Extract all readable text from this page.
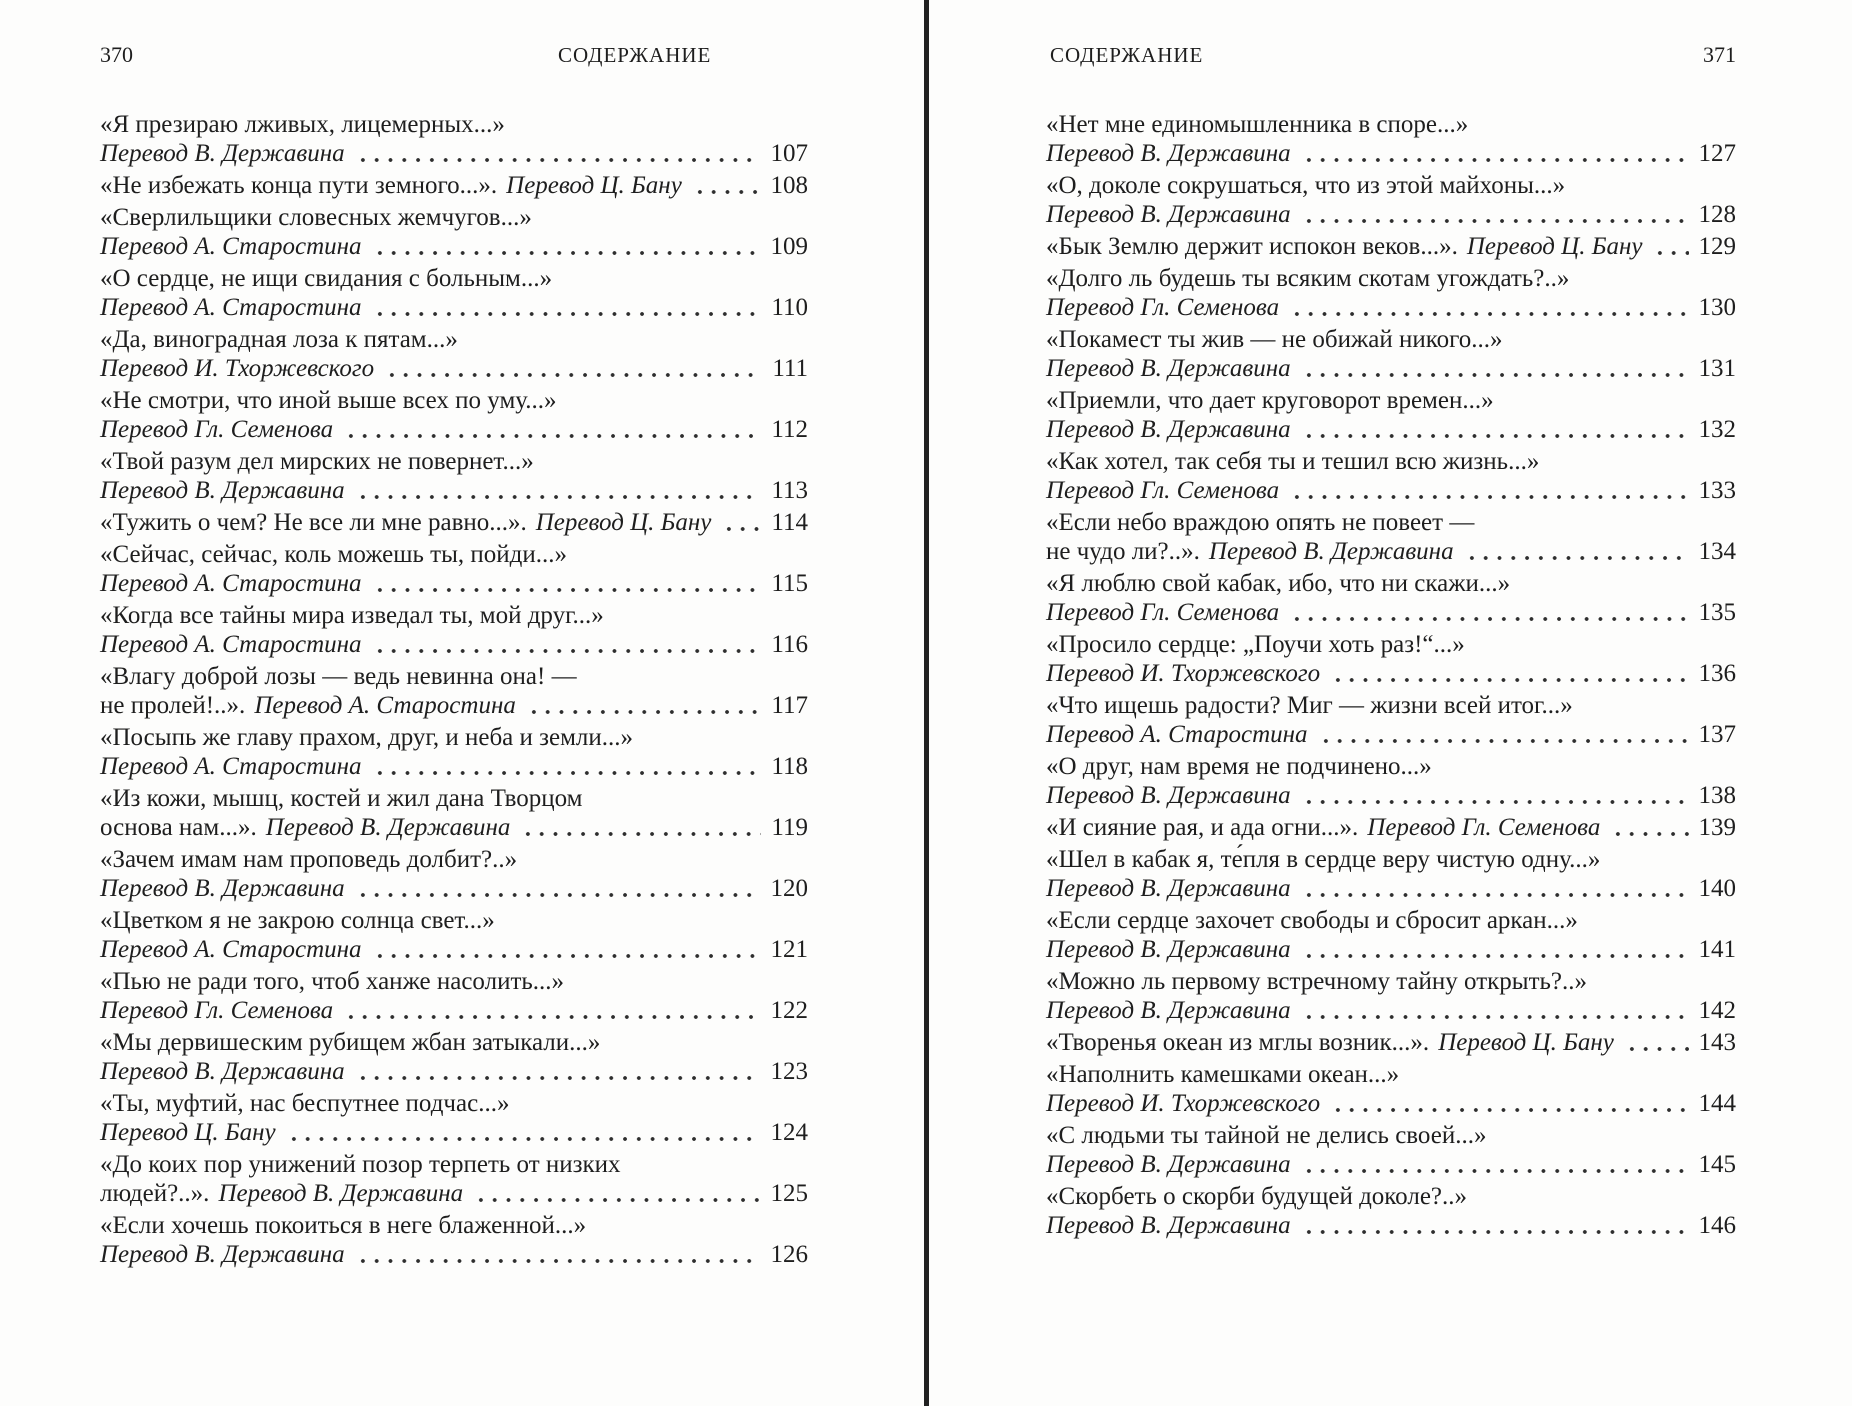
370	СОДЕРЖАНИЕ
«Я презираю лживых, лицемерных...»
Перевод В. Державина	107
«Не избежать конца пути земного...». Перевод Ц. Бану	108
«Сверлильщики словесных жемчугов...»
Перевод А. Старостина	109
«О сердце, не ищи свидания с больным...»
Перевод А. Старостина	110
«Да, виноградная лоза к пятам...»
Перевод И. Тхоржевского	111
«Не смотри, что иной выше всех по уму...»
Перевод Гл. Семенова	112
«Твой разум дел мирских не повернет...»
Перевод В. Державина	113
«Тужить о чем? Не все ли мне равно...». Перевод Ц. Бану 114
«Сейчас, сейчас, коль можешь ты, пойди...»
Перевод А. Старостина	115
«Когда все тайны мира изведал ты, мой друг...»
Перевод А. Старостина	116
«Влагу доброй лозы — ведь невинна она! —
не пролей!..». Перевод А. Старостина	117
«Посыпь же главу прахом, друг, и неба и земли...»
Перевод А. Старостина	118
«Из кожи, мышц, костей и жил дана Творцом
основа нам...». Перевод В. Державина	119
«Зачем имам нам проповедь долбит?..»
Перевод В. Державина	120
«Цветком я не закрою солнца свет...»
Перевод А. Старостина	121
«Пью не ради того, чтоб ханже насолить...»
Перевод Гл. Семенова	122
«Мы дервишеским рубищем жбан затыкали...»
Перевод В. Державина	123
«Ты, муфтий, нас беспутнее подчас...»
Перевод Ц. Бану	124
«До коих пор унижений позор терпеть от низких
людей?..». Перевод В. Державина	125
«Если хочешь покоиться в неге блаженной...»
Перевод В. Державина	126
СОДЕРЖАНИЕ	371
«Нет мне единомышленника в споре...»
Перевод В. Державина	127
«О, доколе сокрушаться, что из этой майхоны...»
Перевод В. Державина	128
«Бык Землю держит испокон веков...». Перевод Ц. Бану 129
«Долго ль будешь ты всяким скотам угождать?..»
Перевод Гл. Семенова	130
«Покамест ты жив — не обижай никого...»
Перевод В. Державина	131
«Приемли, что дает круговорот времен...»
Перевод В. Державина	132
«Как хотел, так себя ты и тешил всю жизнь...»
Перевод Гл. Семенова	133
«Если небо враждою опять не повеет —
не чудо ли?..». Перевод В. Державина	134
«Я люблю свой кабак, ибо, что ни скажи...»
Перевод Гл. Семенова	135
«Просило сердце: „Поучи хоть раз!“...»
Перевод И. Тхоржевского	136
«Что ищешь радости? Миг — жизни всей итог...»
Перевод А. Старостина	137
«О друг, нам время не подчинено...»
Перевод В. Державина	138
«И сияние рая, и ада огни...». Перевод Гл. Семенова	139
«Шел в кабак я, те́пля в сердце веру чистую одну...»
Перевод В. Державина	140
«Если сердце захочет свободы и сбросит аркан...»
Перевод В. Державина	141
«Можно ль первому встречному тайну открыть?..»
Перевод В. Державина	142
«Творенья океан из мглы возник...». Перевод Ц. Бану	143
«Наполнить камешками океан...»
Перевод И. Тхоржевского	144
«С людьми ты тайной не делись своей...»
Перевод В. Державина	145
«Скорбеть о скорби будущей доколе?..»
Перевод В. Державина	146
